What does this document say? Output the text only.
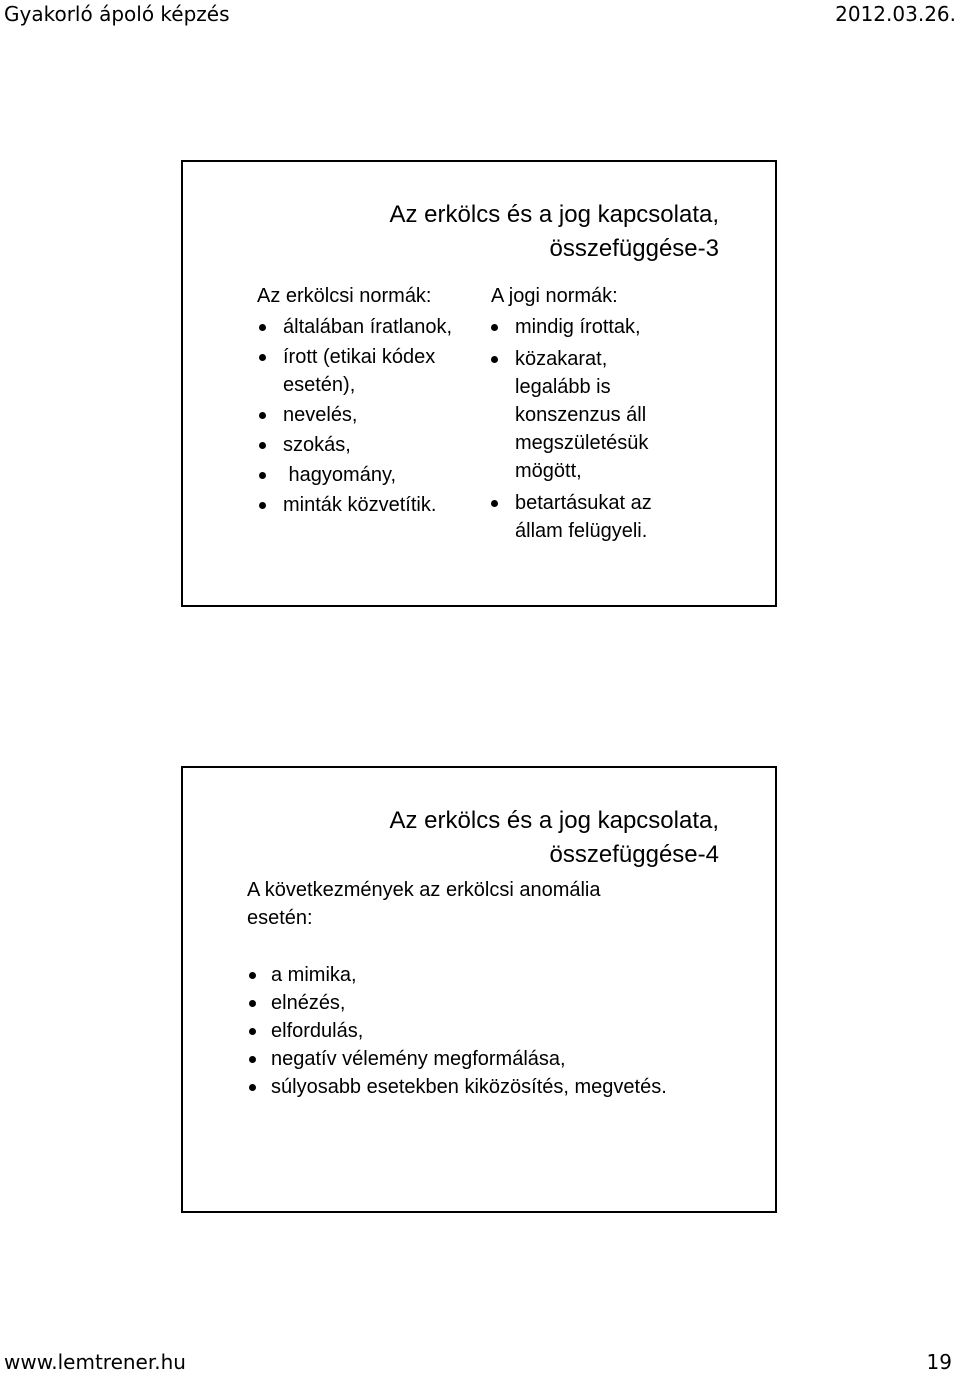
Gyakorló ápoló képzés	2012.03.26.
Az erkölcs és a jog kapcsolata,
összefüggése-3
Az erkölcsi normák:
általában íratlanok,
írott (etikai kódex esetén),
nevelés,
szokás,
hagyomány,
minták közvetítik.
A jogi normák:
mindig írottak,
közakarat, legalább is konszenzus áll megszületésük mögött,
betartásukat az állam felügyeli.
Az erkölcs és a jog kapcsolata,
összefüggése-4
A következmények az erkölcsi anomália esetén:
a mimika,
elnézés,
elfordulás,
negatív vélemény megformálása,
súlyosabb esetekben kiközösítés, megvetés.
www.lemtrener.hu	19
